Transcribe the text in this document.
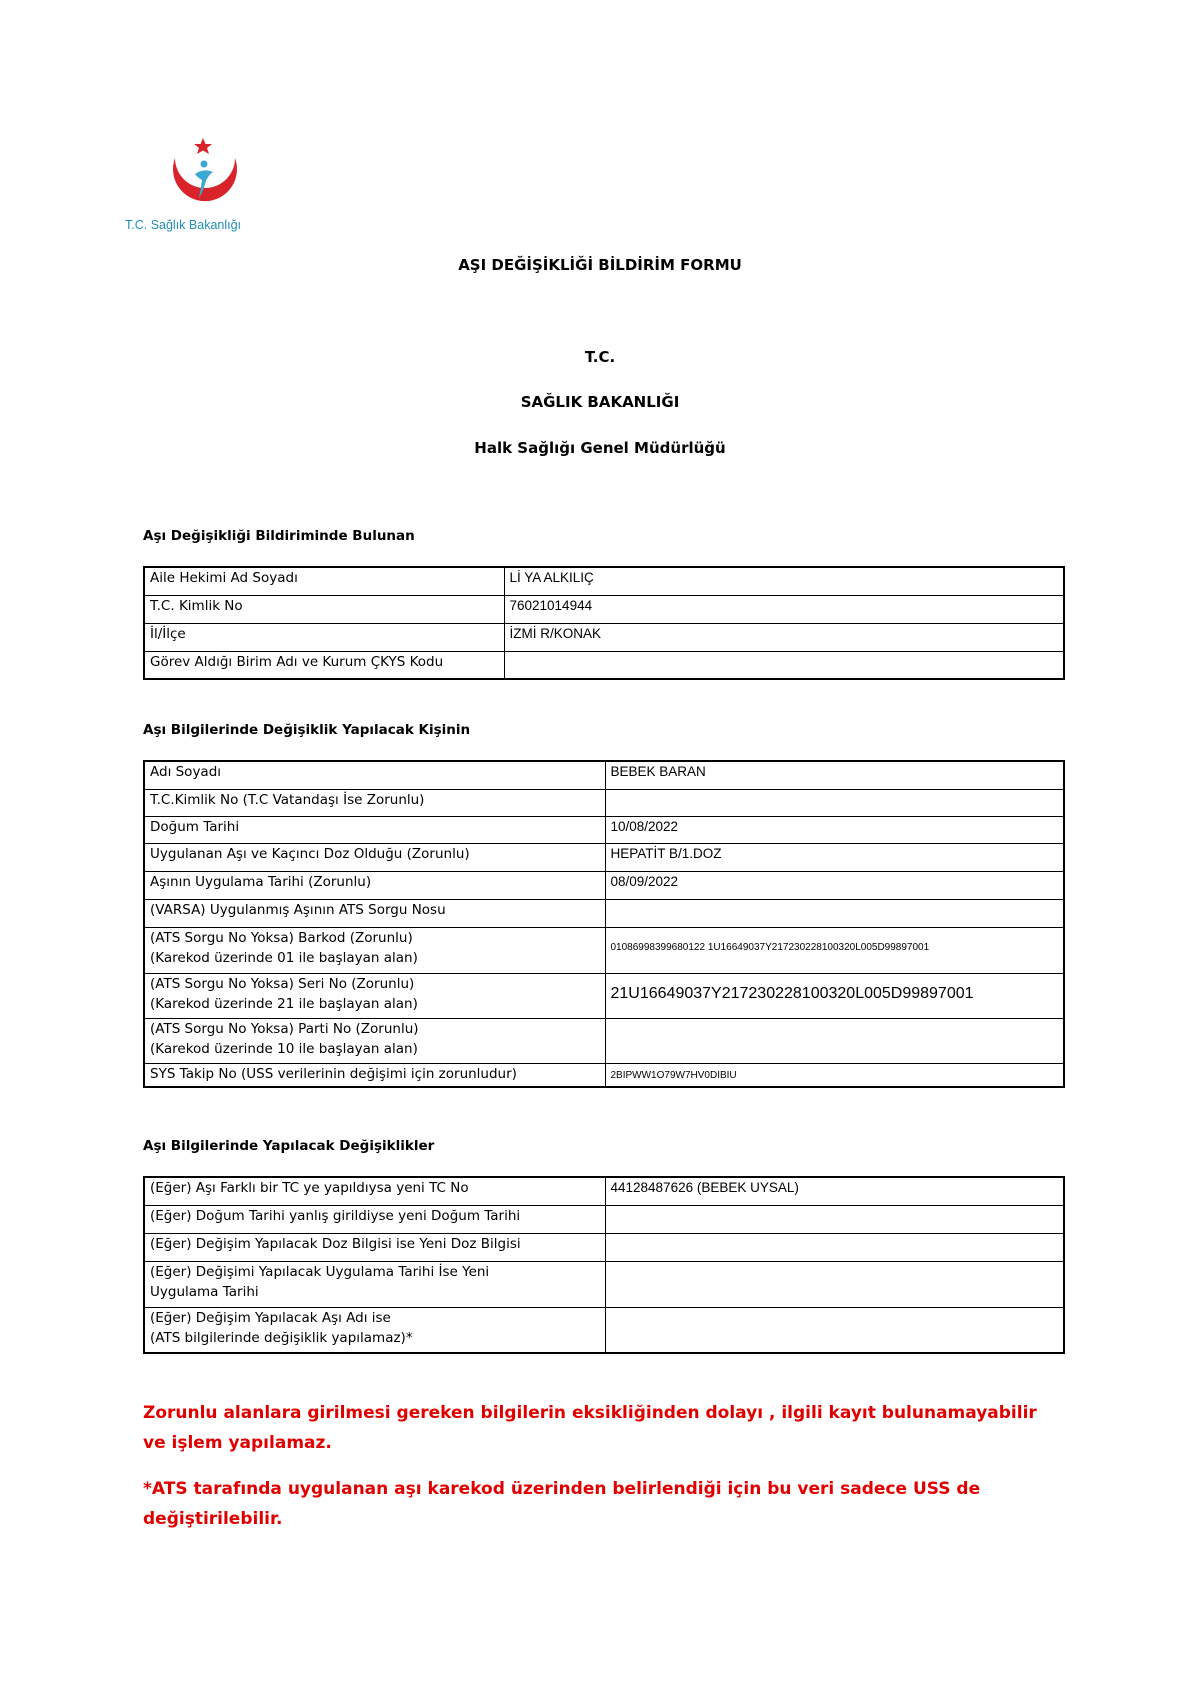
T.C. Sağlık Bakanlığı
AŞI DEĞİŞİKLİĞİ BİLDİRİM FORMU
T.C.
SAĞLIK BAKANLIĞI
Halk Sağlığı Genel Müdürlüğü
Aşı Değişikliği Bildiriminde Bulunan
Aile Hekimi Ad Soyadı	Lİ YA ALKILIÇ
T.C. Kimlik No	76021014944
İl/İlçe	İZMİ R/KONAK
Görev Aldığı Birim Adı ve Kurum ÇKYS Kodu	
Aşı Bilgilerinde Değişiklik Yapılacak Kişinin
Adı Soyadı	BEBEK BARAN
T.C.Kimlik No (T.C Vatandaşı İse Zorunlu)	
Doğum Tarihi	10/08/2022
Uygulanan Aşı ve Kaçıncı Doz Olduğu (Zorunlu)	HEPATİT B/1.DOZ
Aşının Uygulama Tarihi (Zorunlu)	08/09/2022
(VARSA) Uygulanmış Aşının ATS Sorgu Nosu	

(ATS Sorgu No Yoksa) Barkod (Zorunlu)
(Karekod üzerinde 01 ile başlayan alan)	01086998399680122 1U16649037Y217230228100320L005D99897001

(ATS Sorgu No Yoksa) Seri No (Zorunlu)
(Karekod üzerinde 21 ile başlayan alan)	21U16649037Y217230228100320L005D99897001

(ATS Sorgu No Yoksa) Parti No (Zorunlu)
(Karekod üzerinde 10 ile başlayan alan)	

SYS Takip No (USS verilerinin değişimi için zorunludur)	2BIPWW1O79W7HV0DIBIU
Aşı Bilgilerinde Yapılacak Değişiklikler
(Eğer) Aşı Farklı bir TC ye yapıldıysa yeni TC No	44128487626 (BEBEK UYSAL)
(Eğer) Doğum Tarihi yanlış girildiyse yeni Doğum Tarihi	
(Eğer) Değişim Yapılacak Doz Bilgisi ise Yeni Doz Bilgisi	

(Eğer) Değişimi Yapılacak Uygulama Tarihi İse Yeni
Uygulama Tarihi	

(Eğer) Değişim Yapılacak Aşı Adı ise
(ATS bilgilerinde değişiklik yapılamaz)*	

Zorunlu alanlara girilmesi gereken bilgilerin eksikliğinden dolayı , ilgili kayıt bulunamayabilir ve işlem yapılamaz.
*ATS tarafında uygulanan aşı karekod üzerinden belirlendiği için bu veri sadece USS de değiştirilebilir.
